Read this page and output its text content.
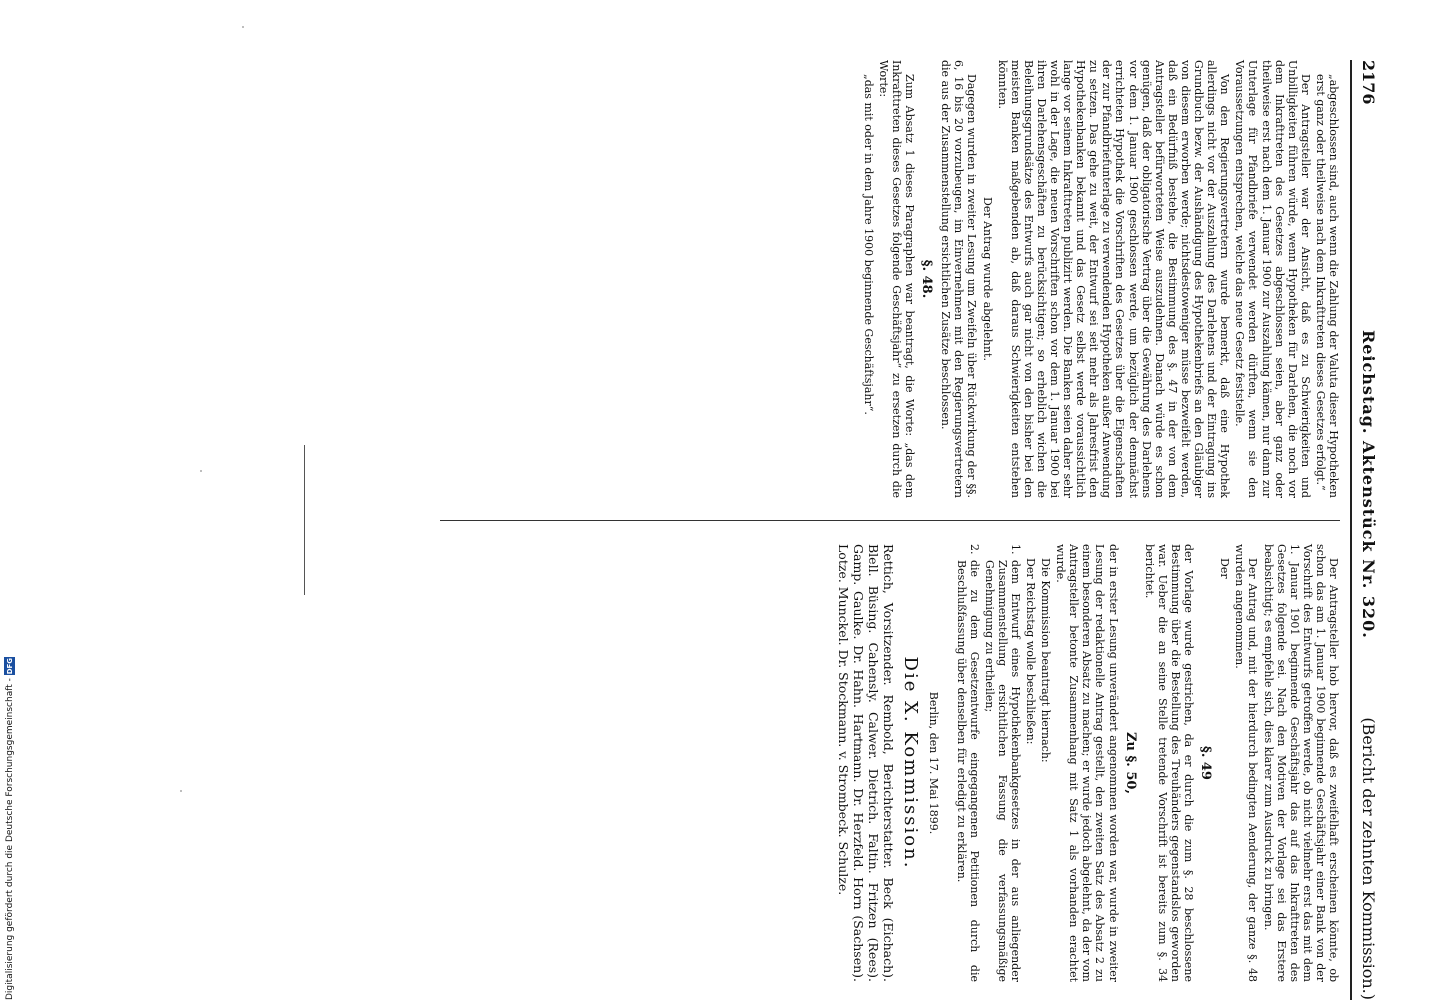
2176
Reichstag. Aktenstück Nr. 320.
(Bericht der zehnten Kommission.)

„abgeschlossen sind, auch wenn die Zahlung der Valuta dieser Hypotheken erst ganz oder theilweise nach dem Inkrafttreten dieses Gesetzes erfolgt.“

Der Antragsteller war der Ansicht, daß es zu Schwierigkeiten und Unbilligkeiten führen würde, wenn Hypotheken für Darlehen, die noch vor dem Inkrafttreten des Gesetzes abgeschlossen seien, aber ganz oder theilweise erst nach dem 1. Januar 1900 zur Auszahlung kämen, nur dann zur Unterlage für Pfandbriefe verwendet werden dürften, wenn sie den Voraussetzungen entsprechen, welche das neue Gesetz feststelle.

Von den Regierungsvertretern wurde bemerkt, daß eine Hypothek allerdings nicht vor der Auszahlung des Darlehens und der Eintragung ins Grundbuch bezw. der Aushändigung des Hypothekenbriefs an den Gläubiger von diesem erworben werde; nichtsdestoweniger müsse bezweifelt werden, daß ein Bedürfniß bestehe, die Bestimmung des §. 47 in der von dem Antragsteller befürworteten Weise auszudehnen. Danach würde es schon genügen, daß der obligatorische Vertrag über die Gewährung des Darlehens vor dem 1. Januar 1900 geschlossen werde, um bezüglich der demnächst errichteten Hypothek die Vorschriften des Gesetzes über die Eigenschaften der zur Pfandbriefunterlage zu verwendenden Hypotheken außer Anwendung zu setzen. Das gehe zu weit, der Entwurf sei seit mehr als Jahresfrist den Hypothekenbanken bekannt und das Gesetz selbst werde voraussichtlich lange vor seinem Inkrafttreten publizirt werden. Die Banken seien daher sehr wohl in der Lage, die neuen Vorschriften schon vor dem 1. Januar 1900 bei ihren Darlehensgeschäften zu berücksichtigen; so erheblich wichen die Beleihungsgrundsätze des Entwurfs auch gar nicht von den bisher bei den meisten Banken maßgebenden ab, daß daraus Schwierigkeiten entstehen könnten.

Der Antrag wurde abgelehnt.

Dagegen wurden in zweiter Lesung um Zweifeln über Rückwirkung der §§. 6, 16 bis 20 vorzubeugen, im Einvernehmen mit den Regierungsvertretern die aus der Zusammenstellung ersichtlichen Zusätze beschlossen.

§. 48.

Zum Absatz 1 dieses Paragraphen war beantragt, die Worte: „das dem Inkrafttreten dieses Gesetzes folgende Geschäftsjahr“ zu ersetzen durch die Worte:

„das mit oder in dem Jahre 1900 beginnende Geschäftsjahr“.

Der Antragsteller hob hervor, daß es zweifelhaft erscheinen könnte, ob schon das am 1. Januar 1900 beginnende Geschäftsjahr einer Bank von der Vorschrift des Entwurfs getroffen werde, ob nicht vielmehr erst das mit dem 1. Januar 1901 beginnende Geschäftsjahr das auf das Inkrafttreten des Gesetzes folgende sei. Nach den Motiven der Vorlage sei das Erstere beabsichtigt; es empfehle sich, dies klarer zum Ausdruck zu bringen.

Der Antrag und, mit der hierdurch bedingten Aenderung, der ganze §. 48 wurden angenommen.

Der

§. 49

der Vorlage wurde gestrichen, da er durch die zum §. 28 beschlossene Bestimmung über die Bestellung des Treuhänders gegenstandslos geworden war. Ueber die an seine Stelle tretende Vorschrift ist bereits zum §. 34 berichtet.

Zu §. 50,

der in erster Lesung unverändert angenommen worden war, wurde in zweiter Lesung der redaktionelle Antrag gestellt, den zweiten Satz des Absatz 2 zu einem besonderen Absatz zu machen; er wurde jedoch abgelehnt, da der vom Antragsteller betonte Zusammenhang mit Satz 1 als vorhanden erachtet wurde.

Die Kommission beantragt hiernach:

Der Reichstag wolle beschließen:

1.
dem Entwurf eines Hypothekenbankgesetzes in der aus anliegender Zusammenstellung ersichtlichen Fassung die verfassungsmäßige Genehmigung zu ertheilen;
2.
die zu dem Gesetzentwurfe eingegangenen Petitionen durch die Beschlußfassung über denselben für erledigt zu erklären.
Berlin, den 17. Mai 1899.
Die X. Kommission.
Rettich, Vorsitzender. Rembold, Berichterstatter. Beck (Eichach). Blell. Büsing. Cahensly. Calwer. Dietrich. Faltin. Fritzen (Rees). Gamp. Gaulke. Dr. Hahn. Hartmann. Dr. Herzfeld. Horn (Sachsen). Lotze. Munckel. Dr. Stockmann. v. Strombeck. Schulze.
Digitalisierung gefördert durch die Deutsche Forschungsgemeinschaft -
DFG
